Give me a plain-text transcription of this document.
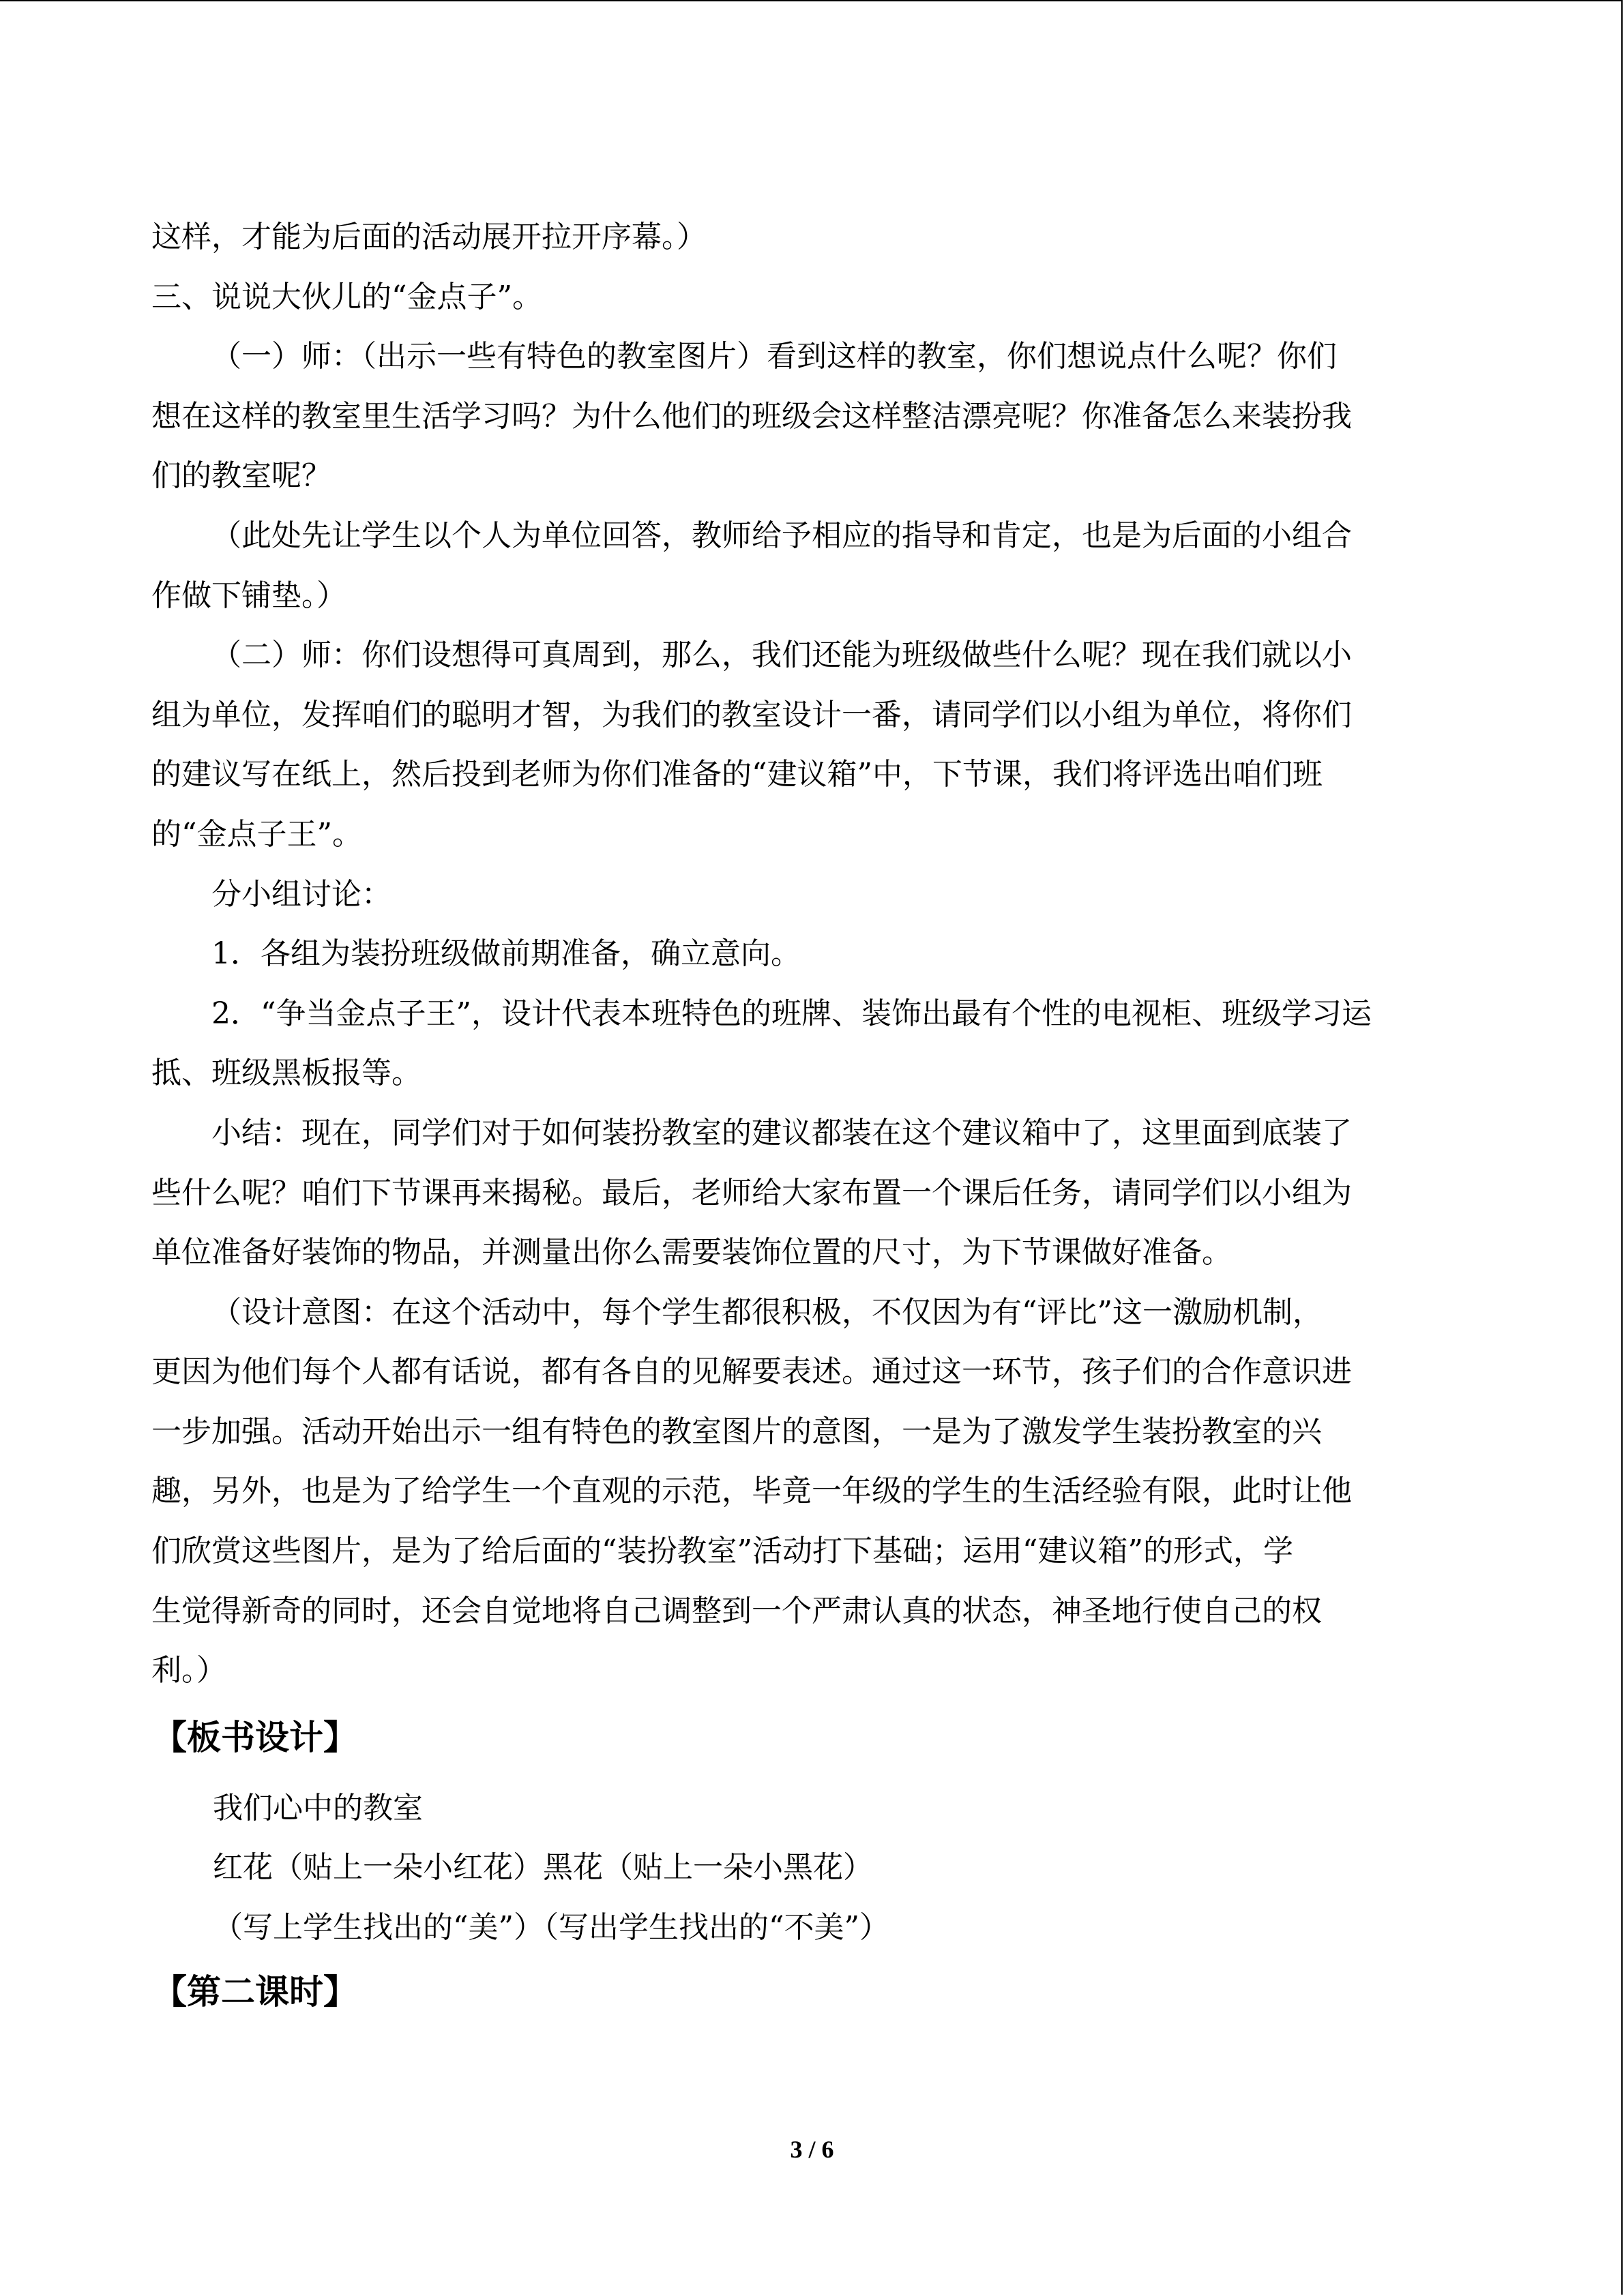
这样，才能为后面的活动展开拉开序幕。）
三、说说大伙儿的“金点子”。
（一）师：（出示一些有特色的教室图片）看到这样的教室，你们想说点什么呢？你们
想在这样的教室里生活学习吗？为什么他们的班级会这样整洁漂亮呢？你准备怎么来装扮我
们的教室呢？
（此处先让学生以个人为单位回答，教师给予相应的指导和肯定，也是为后面的小组合
作做下铺垫。）
（二）师：你们设想得可真周到，那么，我们还能为班级做些什么呢？现在我们就以小
组为单位，发挥咱们的聪明才智，为我们的教室设计一番，请同学们以小组为单位，将你们
的建议写在纸上，然后投到老师为你们准备的“建议箱”中，下节课，我们将评选出咱们班
的“金点子王”。
分小组讨论：
1．各组为装扮班级做前期准备，确立意向。
2．“争当金点子王”，设计代表本班特色的班牌、装饰出最有个性的电视柜、班级学习运
抵、班级黑板报等。
小结：现在，同学们对于如何装扮教室的建议都装在这个建议箱中了，这里面到底装了
些什么呢？咱们下节课再来揭秘。最后，老师给大家布置一个课后任务，请同学们以小组为
单位准备好装饰的物品，并测量出你么需要装饰位置的尺寸，为下节课做好准备。
（设计意图：在这个活动中，每个学生都很积极，不仅因为有“评比”这一激励机制，
更因为他们每个人都有话说，都有各自的见解要表述。通过这一环节，孩子们的合作意识进
一步加强。活动开始出示一组有特色的教室图片的意图，一是为了激发学生装扮教室的兴
趣，另外，也是为了给学生一个直观的示范，毕竟一年级的学生的生活经验有限，此时让他
们欣赏这些图片，是为了给后面的“装扮教室”活动打下基础；运用“建议箱”的形式，学
生觉得新奇的同时，还会自觉地将自己调整到一个严肃认真的状态，神圣地行使自己的权
利。）
【板书设计】
我们心中的教室
红花（贴上一朵小红花）黑花（贴上一朵小黑花）
（写上学生找出的“美”）（写出学生找出的“不美”）
【第二课时】
3 / 6
